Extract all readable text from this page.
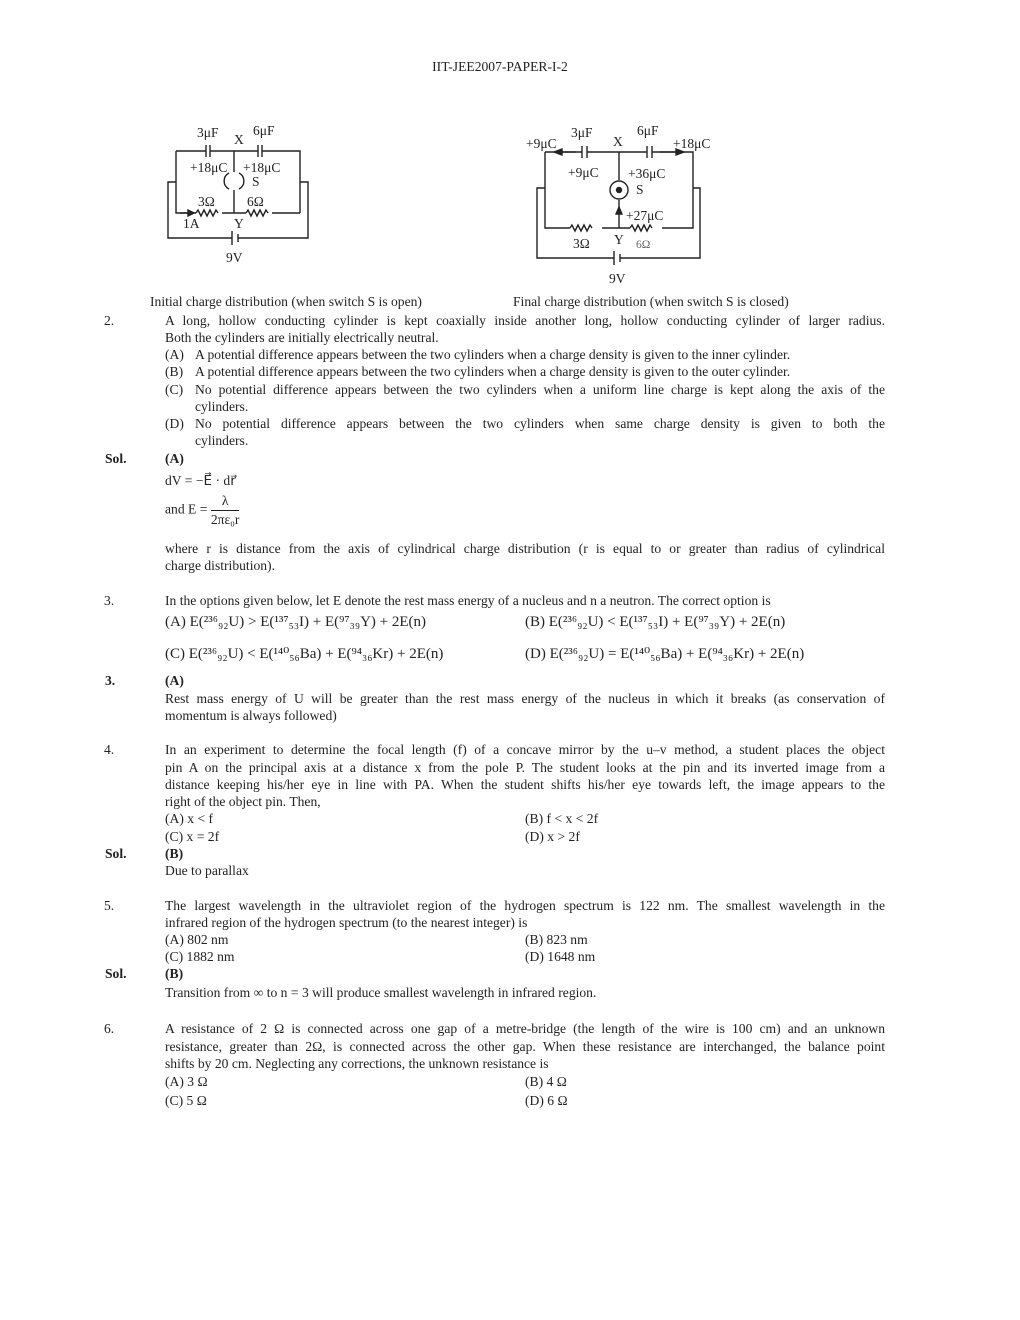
IIT-JEE2007-PAPER-I-2
3μF	6μF
X
+18μC +18μC
S
3Ω 6Ω
1A	Y
9V
3μF	6μF
X
+9μC	+18μC
+9μC +36μC
S
+27μC
3Ω Y 6Ω
9V
Initial charge distribution (when switch S is open)	Final charge distribution (when switch S is closed)
2.	A long, hollow conducting cylinder is kept coaxially inside another long, hollow conducting cylinder of larger radius.
Both the cylinders are initially electrically neutral.
(A) A potential difference appears between the two cylinders when a charge density is given to the inner cylinder.
(B) A potential difference appears between the two cylinders when a charge density is given to the outer cylinder.
(C) No potential difference appears between the two cylinders when a uniform line charge is kept along the axis of the
cylinders.
(D) No potential difference appears between the two cylinders when same charge density is given to both the
cylinders.
Sol.	(A)
dV = −E⃗ · dr⃗
and $E = \frac{\lambda}{\text{2πε₀r}}$
where r is distance from the axis of cylindrical charge distribution (r is equal to or greater than radius of cylindrical
charge distribution).
3.	In the options given below, let E denote the rest mass energy of a nucleus and n a neutron. The correct option is
(A) E(²³⁶₉₂U) > E(¹³⁷₅₃I) + E(⁹⁷₃₉Y) + 2E(n)	(B) E(²³⁶₉₂U) < E(¹³⁷₅₃I) + E(⁹⁷₃₉Y) + 2E(n)
(C) E(²³⁶₉₂U) < E(¹⁴⁰₅₆Ba) + E(⁹⁴₃₆Kr) + 2E(n)	(D) E(²³⁶₉₂U) = E(¹⁴⁰₅₆Ba) + E(⁹⁴₃₆Kr) + 2E(n)
3.	(A)
Rest mass energy of U will be greater than the rest mass energy of the nucleus in which it breaks (as conservation of
momentum is always followed)
4.	In an experiment to determine the focal length (f) of a concave mirror by the u–v method, a student places the object
pin A on the principal axis at a distance x from the pole P. The student looks at the pin and its inverted image from a
distance keeping his/her eye in line with PA. When the student shifts his/her eye towards left, the image appears to the
right of the object pin. Then,
(A) x < f	(B) f < x < 2f
(C) x = 2f	(D) x > 2f
Sol.	(B)
Due to parallax
5.	The largest wavelength in the ultraviolet region of the hydrogen spectrum is 122 nm. The smallest wavelength in the
infrared region of the hydrogen spectrum (to the nearest integer) is
(A) 802 nm	(B) 823 nm
(C) 1882 nm	(D) 1648 nm
Sol.	(B)
Transition from ∞ to n = 3 will produce smallest wavelength in infrared region.
6.	A resistance of 2 Ω is connected across one gap of a metre-bridge (the length of the wire is 100 cm) and an unknown
resistance, greater than 2Ω, is connected across the other gap. When these resistance are interchanged, the balance point
shifts by 20 cm. Neglecting any corrections, the unknown resistance is
(A) 3 Ω	(B) 4 Ω
(C) 5 Ω	(D) 6 Ω
